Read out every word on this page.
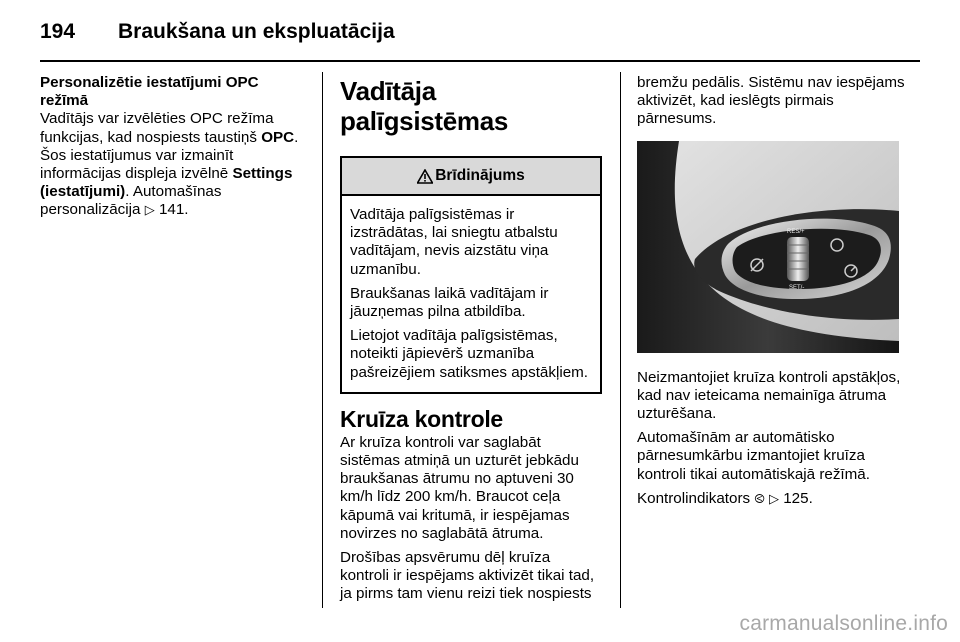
194 Braukšana un ekspluatācija
Personalizētie iestatījumi OPC
režīmā

Vadītājs var izvēlēties OPC režīma funkcijas, kad nospiests taustiņš OPC. Šos iestatījumus var izmainīt informācijas displeja izvēlnē Settings (iestatījumi). Automašīnas personalizācija ▷ 141.

Vadītāja palīgsistēmas
Brīdinājums

Vadītāja palīgsistēmas ir izstrādātas, lai sniegtu atbalstu vadītājam, nevis aizstātu viņa uzmanību.

Braukšanas laikā vadītājam ir jāuzņemas pilna atbildība.

Lietojot vadītāja palīgsistēmas, noteikti jāpievērš uzmanība pašreizējiem satiksmes apstākļiem.

Kruīza kontrole

Ar kruīza kontroli var saglabāt sistēmas atmiņā un uzturēt jebkādu braukšanas ātrumu no aptuveni 30 km/h līdz 200 km/h. Braucot ceļa kāpumā vai kritumā, ir iespējamas novirzes no saglabātā ātruma.

Drošības apsvērumu dēļ kruīza kontroli ir iespējams aktivizēt tikai tad, ja pirms tam vienu reizi tiek nospiests

bremžu pedālis. Sistēmu nav iespējams aktivizēt, kad ieslēgts pirmais pārnesums.

RES/+
SET/-

Neizmantojiet kruīza kontroli apstākļos, kad nav ieteicama nemainīga ātruma uzturēšana.

Automašīnām ar automātisko pārnesumkārbu izmantojiet kruīza kontroli tikai automātiskajā režīmā.

Kontrolindikators ⧀ ▷ 125.

carmanualsonline.info
